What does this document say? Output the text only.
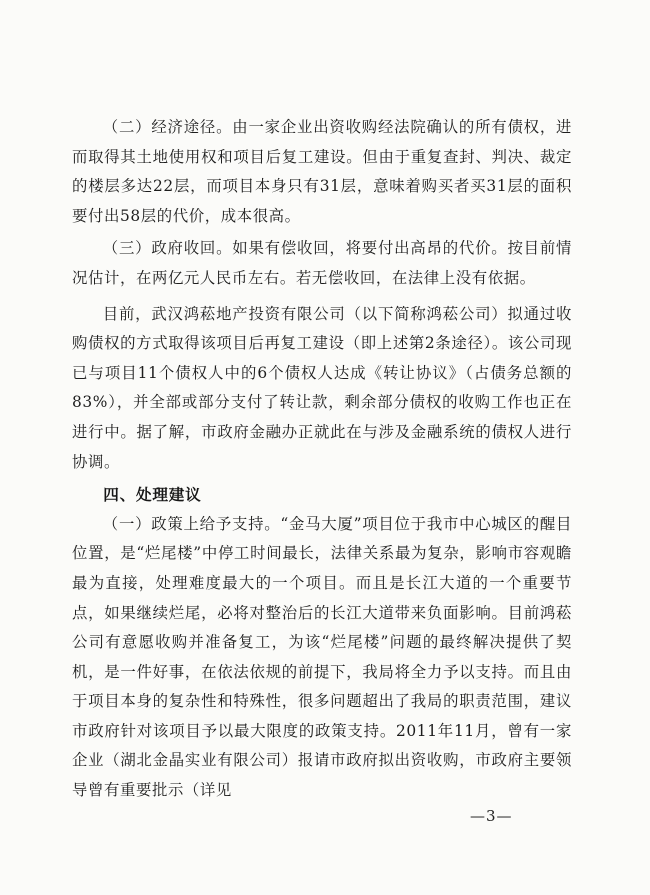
（二）经济途径。由一家企业出资收购经法院确认的所有债权，进而取得其土地使用权和项目后复工建设。但由于重复查封、判决、裁定的楼层多达22层，而项目本身只有31层，意味着购买者买31层的面积要付出58层的代价，成本很高。

（三）政府收回。如果有偿收回，将要付出高昂的代价。按目前情况估计，在两亿元人民币左右。若无偿收回，在法律上没有依据。

目前，武汉鸿菘地产投资有限公司（以下简称鸿菘公司）拟通过收购债权的方式取得该项目后再复工建设（即上述第2条途径）。该公司现已与项目11个债权人中的6个债权人达成《转让协议》（占债务总额的83%），并全部或部分支付了转让款，剩余部分债权的收购工作也正在进行中。据了解，市政府金融办正就此在与涉及金融系统的债权人进行协调。

四、处理建议

（一）政策上给予支持。“金马大厦”项目位于我市中心城区的醒目位置，是“烂尾楼”中停工时间最长，法律关系最为复杂，影响市容观瞻最为直接，处理难度最大的一个项目。而且是长江大道的一个重要节点，如果继续烂尾，必将对整治后的长江大道带来负面影响。目前鸿菘公司有意愿收购并准备复工，为该“烂尾楼”问题的最终解决提供了契机，是一件好事，在依法依规的前提下，我局将全力予以支持。而且由于项目本身的复杂性和特殊性，很多问题超出了我局的职责范围，建议市政府针对该项目予以最大限度的政策支持。2011年11月，曾有一家企业（湖北金晶实业有限公司）报请市政府拟出资收购，市政府主要领导曾有重要批示（详见

—3—
